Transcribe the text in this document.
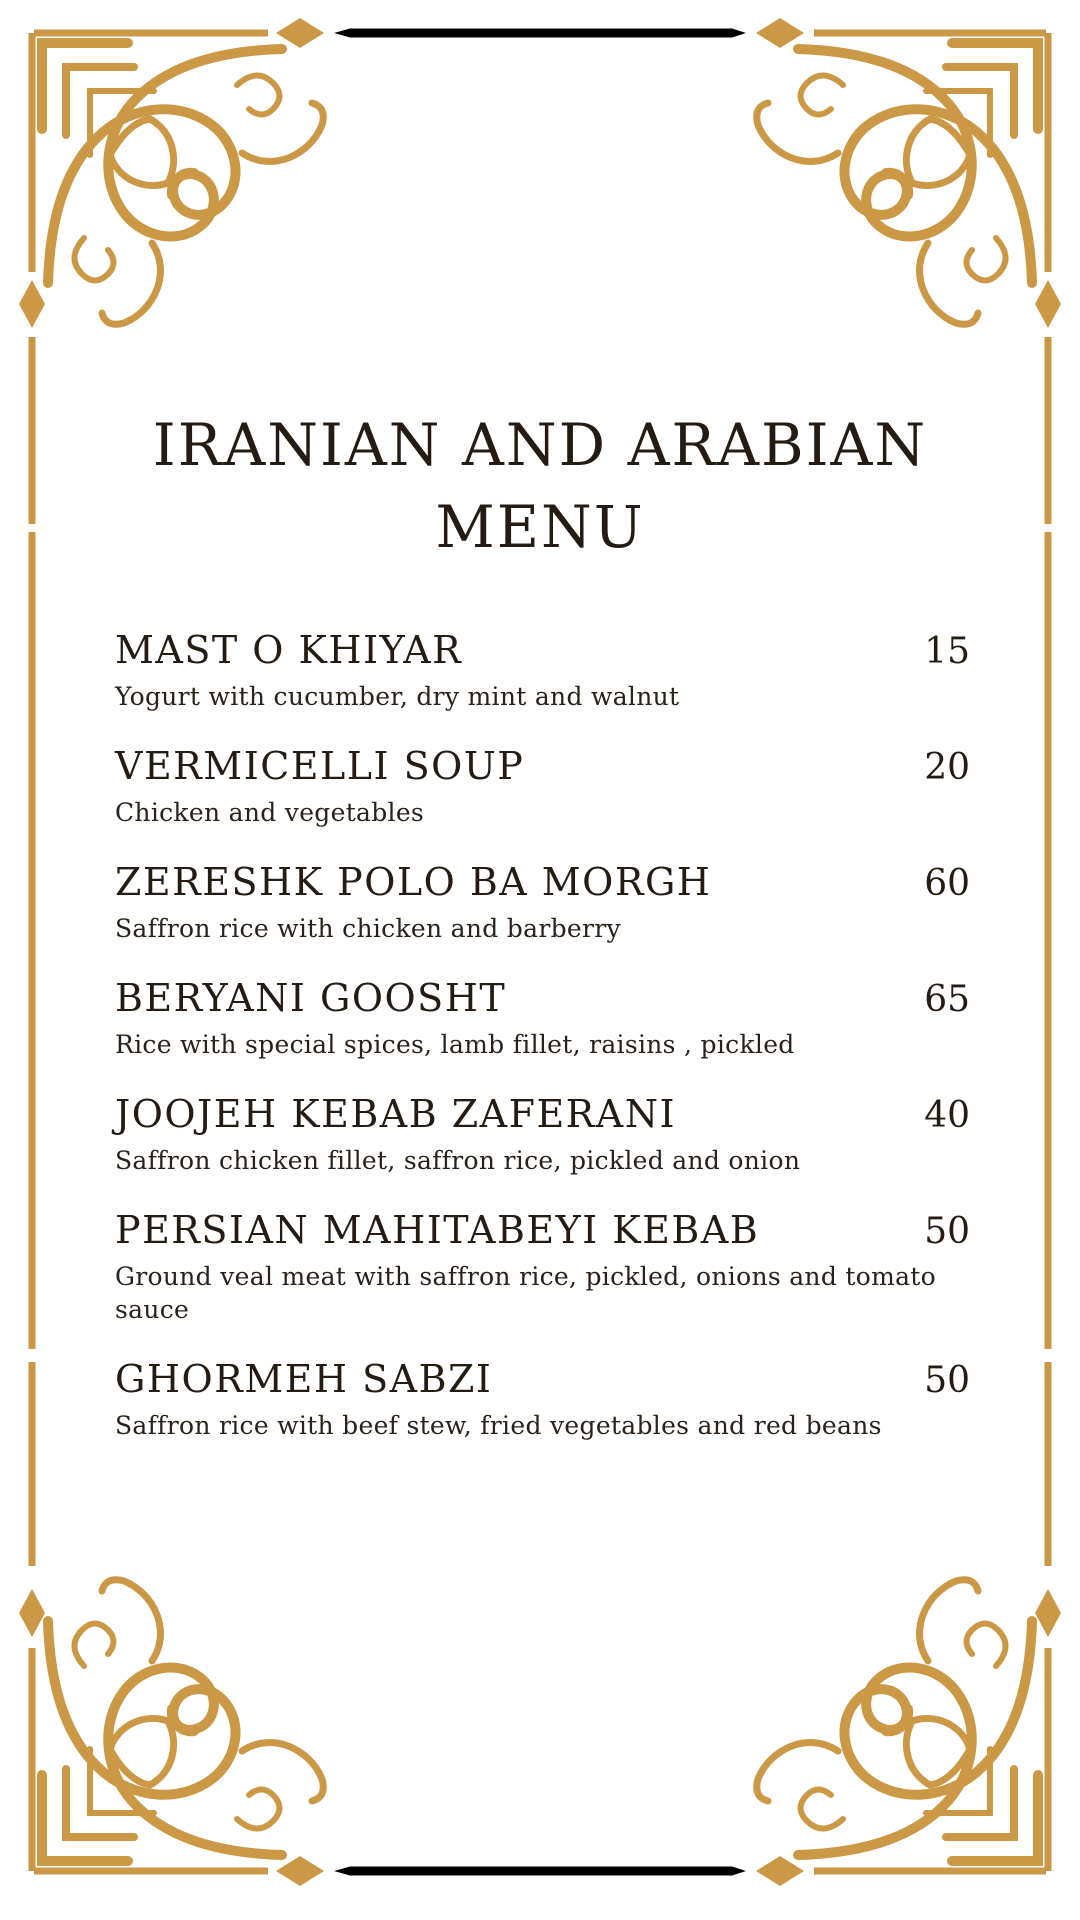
IRANIAN AND ARABIAN
MENU
MAST O KHIYAR	15
Yogurt with cucumber, dry mint and walnut
VERMICELLI SOUP	20
Chicken and vegetables
ZERESHK POLO BA MORGH	60
Saffron rice with chicken and barberry
BERYANI GOOSHT	65
Rice with special spices, lamb fillet, raisins , pickled
JOOJEH KEBAB ZAFERANI	40
Saffron chicken fillet, saffron rice, pickled and onion
PERSIAN MAHITABEYI KEBAB	50
Ground veal meat with saffron rice, pickled, onions and tomato sauce
GHORMEH SABZI	50
Saffron rice with beef stew, fried vegetables and red beans
